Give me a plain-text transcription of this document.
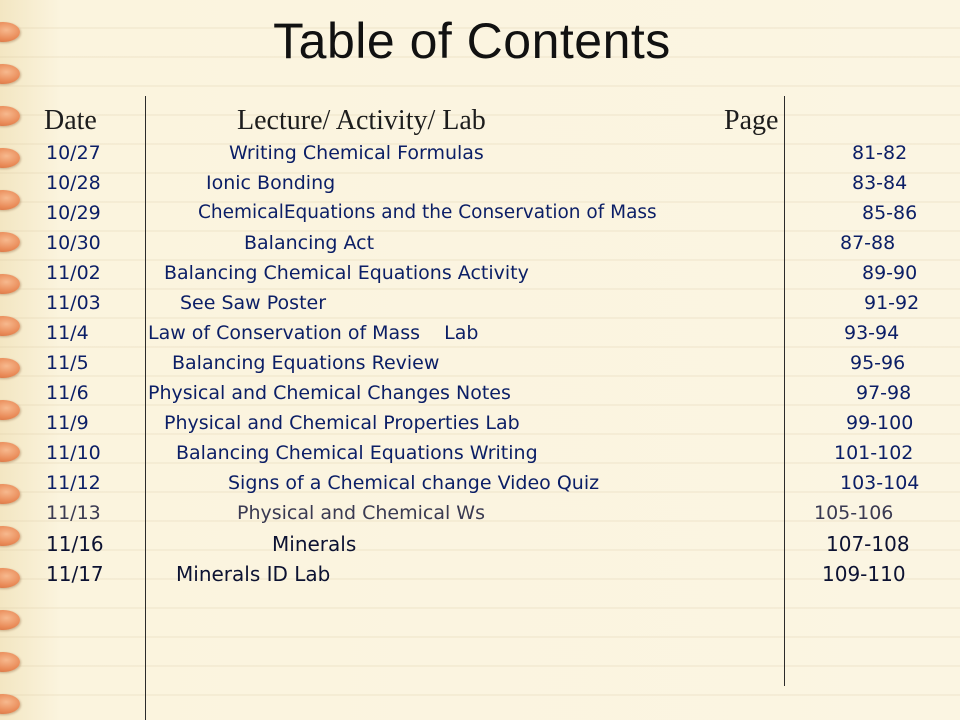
Table of Contents
Date	Lecture/ Activity/ Lab	Page
10/27	Writing Chemical Formulas	81-82
10/28	Ionic Bonding	83-84
10/29	ChemicalEquations and the Conservation of Mass	85-86
10/30	Balancing Act	87-88
11/02	Balancing Chemical Equations Activity	89-90
11/03	See Saw Poster	91-92
11/4	Law of Conservation of Mass    Lab	93-94
11/5	Balancing Equations Review	95-96
11/6	Physical and Chemical Changes Notes	97-98
11/9	Physical and Chemical Properties Lab	99-100
11/10	Balancing Chemical Equations Writing	101-102
11/12	Signs of a Chemical change Video Quiz	103-104
11/13	Physical and Chemical Ws	105-106
11/16	Minerals	107-108
11/17	Minerals ID Lab	109-110
